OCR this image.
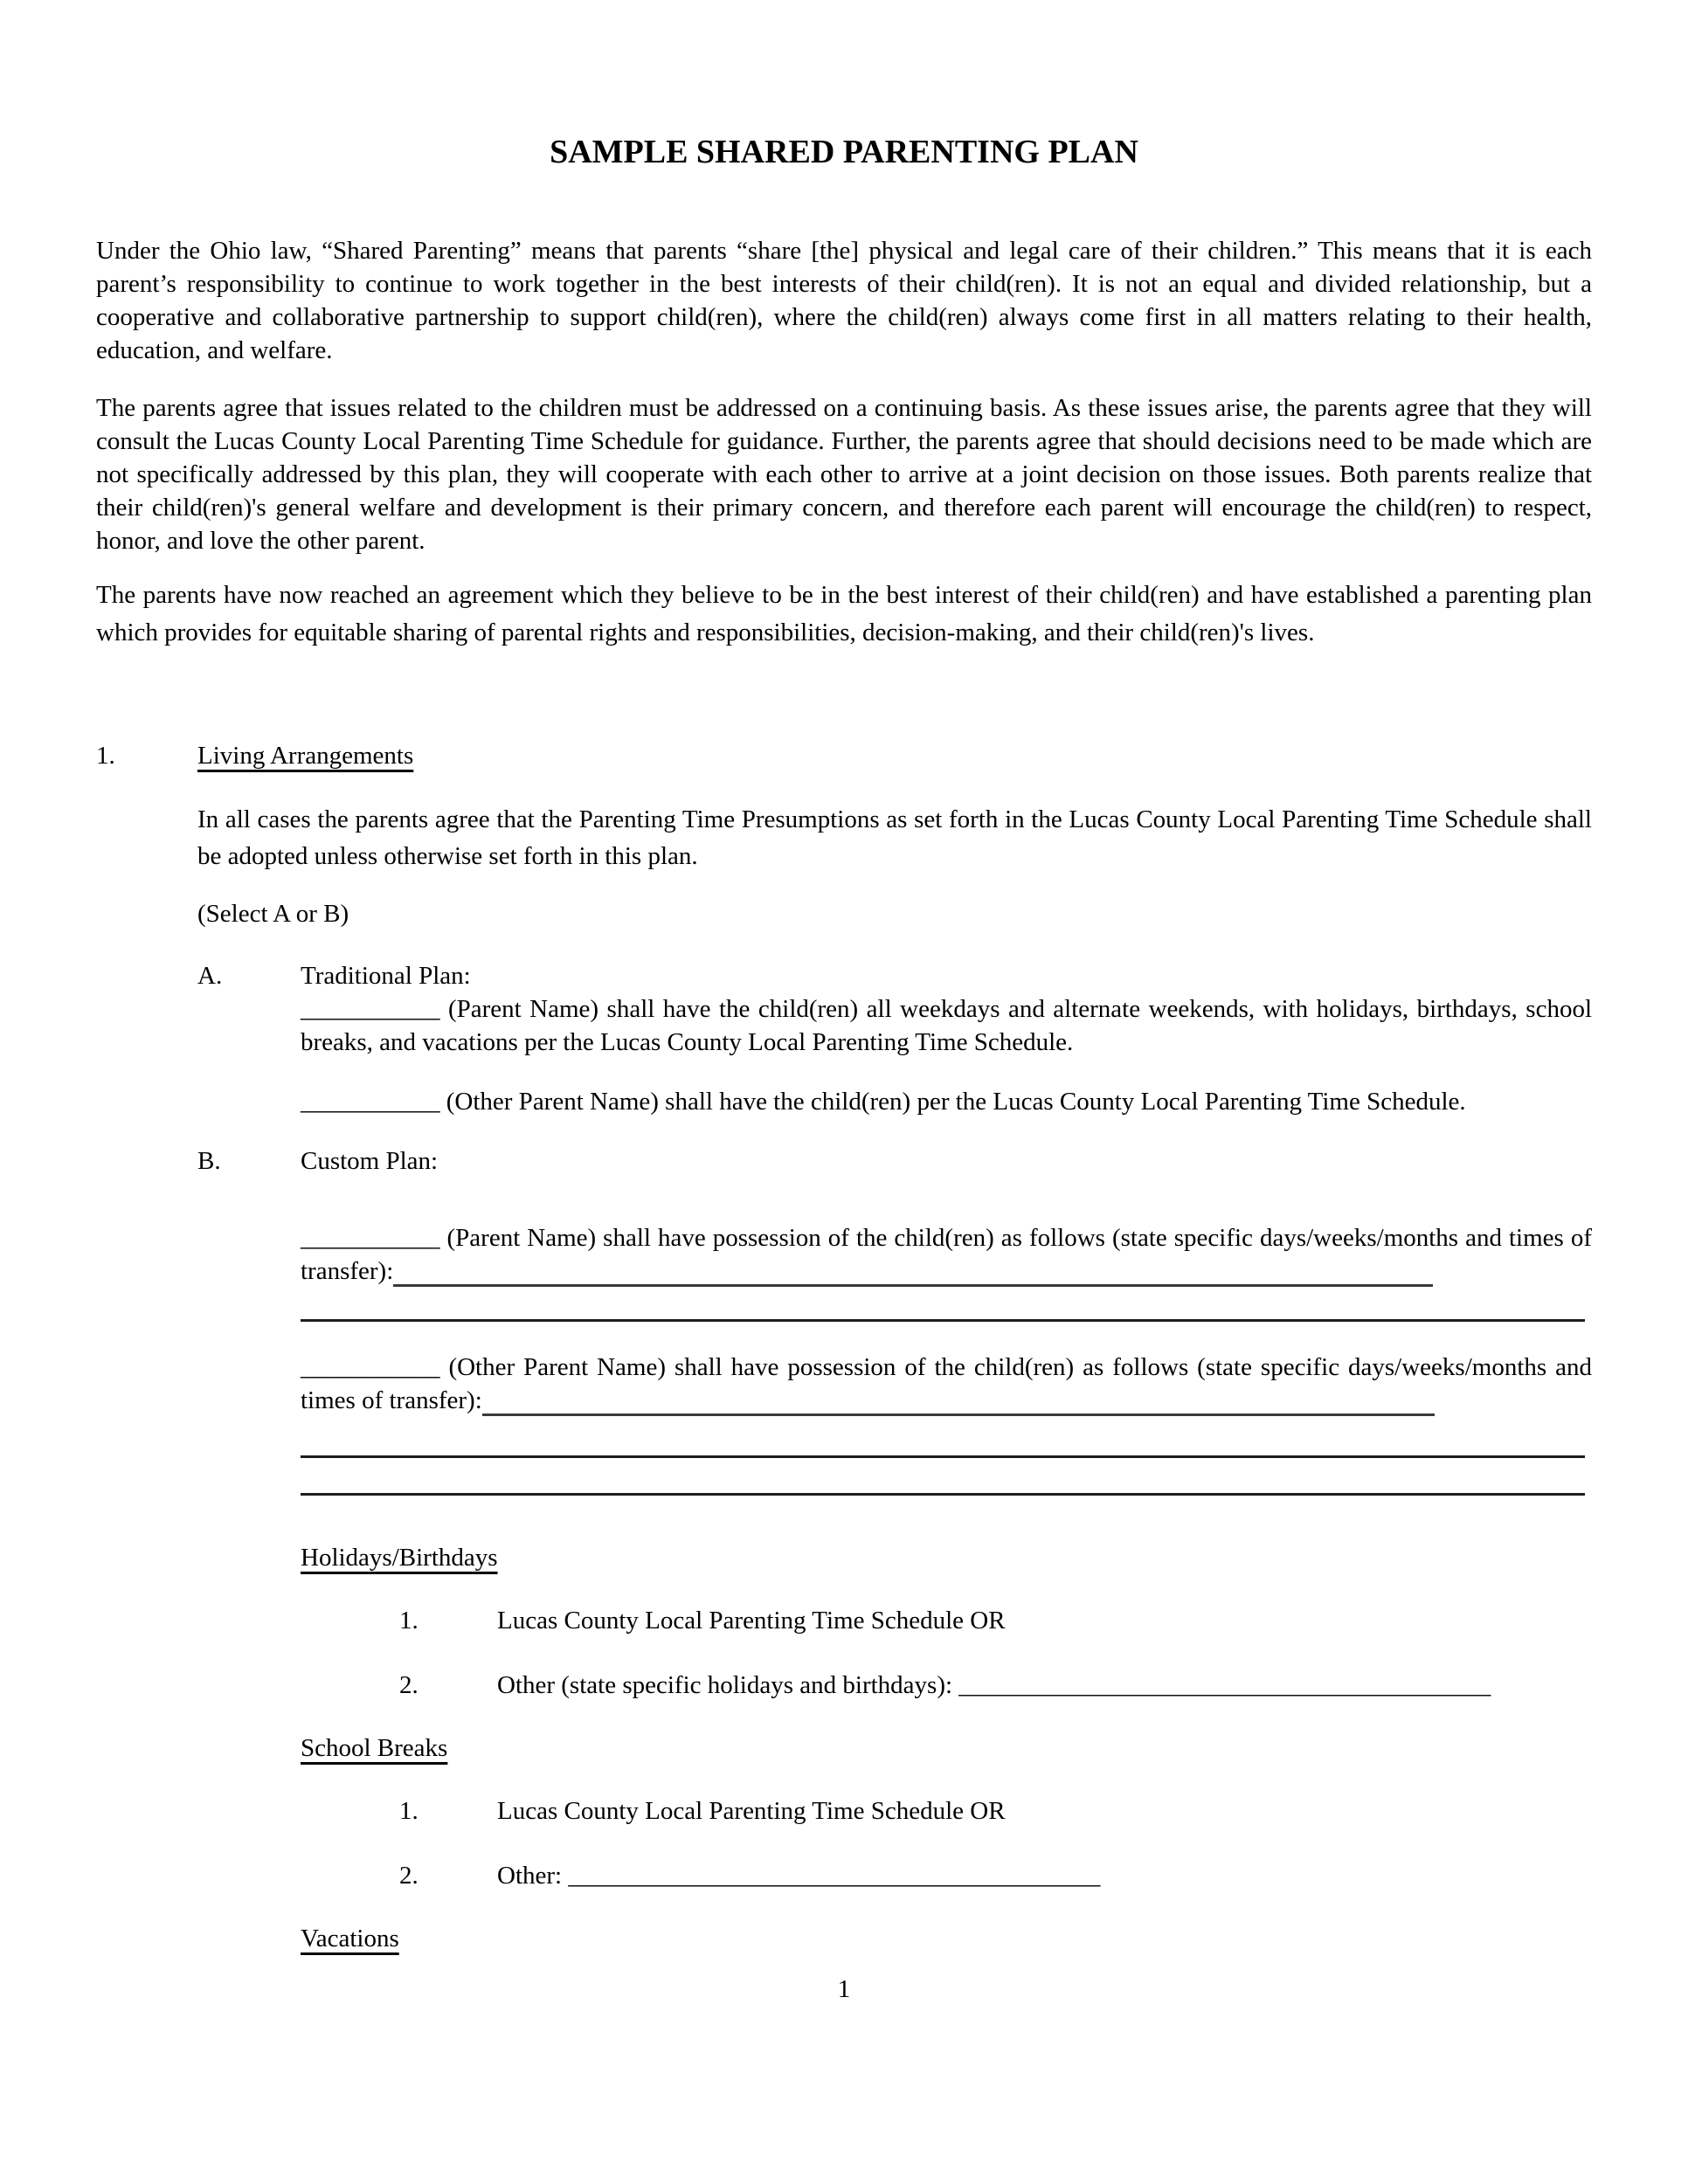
SAMPLE SHARED PARENTING PLAN

Under the Ohio law, “Shared Parenting” means that parents “share [the] physical and legal care of their children.” This means that it is each parent’s responsibility to continue to work together in the best interests of their child(ren). It is not an equal and divided relationship, but a cooperative and collaborative partnership to support child(ren), where the child(ren) always come first in all matters relating to their health, education, and welfare.

The parents agree that issues related to the children must be addressed on a continuing basis. As these issues arise, the parents agree that they will consult the Lucas County Local Parenting Time Schedule for guidance. Further, the parents agree that should decisions need to be made which are not specifically addressed by this plan, they will cooperate with each other to arrive at a joint decision on those issues. Both parents realize that their child(ren)'s general welfare and development is their primary concern, and therefore each parent will encourage the child(ren) to respect, honor, and love the other parent.

The parents have now reached an agreement which they believe to be in the best interest of their child(ren) and have established a parenting plan which provides for equitable sharing of parental rights and responsibilities, decision-making, and their child(ren)'s lives.

1.	Living Arrangements

In all cases the parents agree that the Parenting Time Presumptions as set forth in the Lucas County Local Parenting Time Schedule shall be adopted unless otherwise set forth in this plan.

(Select A or B)

A.	Traditional Plan:

___________ (Parent Name) shall have the child(ren) all weekdays and alternate weekends, with holidays, birthdays, school breaks, and vacations per the Lucas County Local Parenting Time Schedule.

___________ (Other Parent Name) shall have the child(ren) per the Lucas County Local Parenting Time Schedule.

B.	Custom Plan:

___________ (Parent Name) shall have possession of the child(ren) as follows (state specific days/weeks/months and times of transfer):

___________ (Other Parent Name) shall have possession of the child(ren) as follows (state specific days/weeks/months and times of transfer):

Holidays/Birthdays
1.	Lucas County Local Parenting Time Schedule OR
2.	Other (state specific holidays and birthdays): __________________________________________
School Breaks
1.	Lucas County Local Parenting Time Schedule OR
2.	Other: __________________________________________
Vacations
1
